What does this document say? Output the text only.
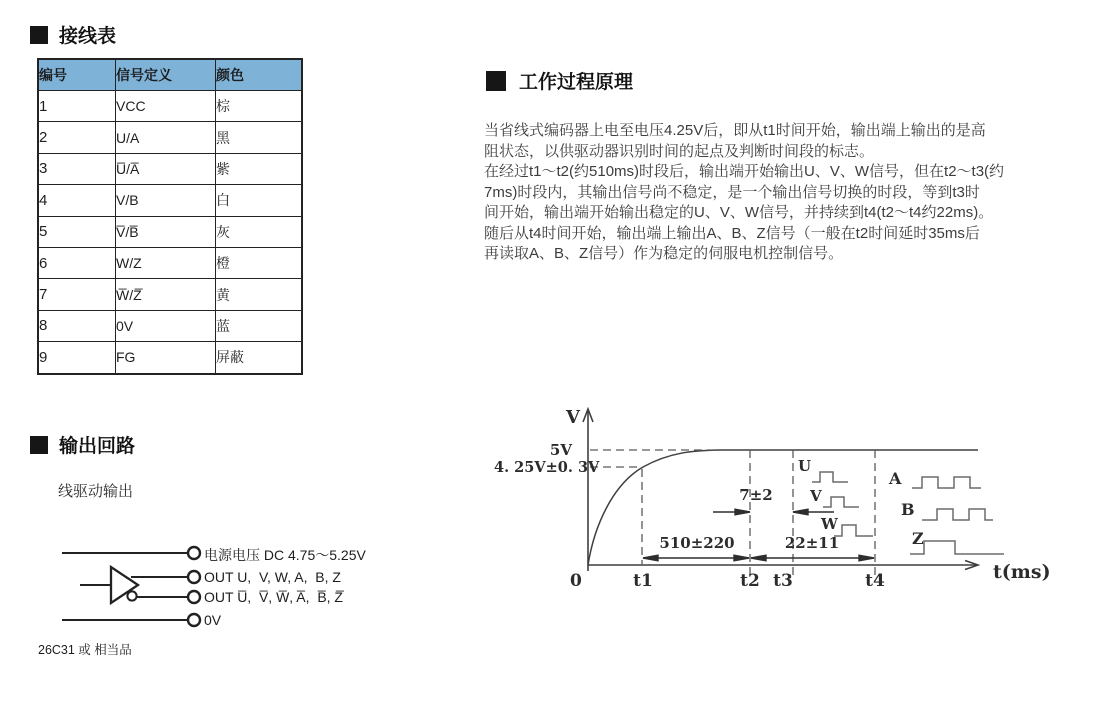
接线表
编号	信号定义	颜色
1	VCC	棕
2	U/A	黑
3	U̅/A̅	紫
4	V/B	白
5	V̅/B̅	灰
6	W/Z	橙
7	W̅/Z̅	黄
8	0V	蓝
9	FG	屏蔽
输出回路
线驱动输出
电源电压 DC 4.75～5.25V
OUT U,  V, W, A,  B, Z
OUT U̅,  V̅, W̅, A̅,  B̅, Z̅
0V
26C31 或 相当品
工作过程原理
当省线式编码器上电至电压4.25V后，即从t1时间开始，输出端上输出的是高
阻状态，以供驱动器识别时间的起点及判断时间段的标志。
在经过t1～t2(约510ms)时段后，输出端开始输出U、V、W信号，但在t2～t3(约
7ms)时段内，其输出信号尚不稳定，是一个输出信号切换的时段，等到t3时
间开始，输出端开始输出稳定的U、V、W信号，并持续到t4(t2～t4约22ms)。
随后从t4时间开始，输出端上输出A、B、Z信号（一般在t2时间延时35ms后
再读取A、B、Z信号）作为稳定的伺服电机控制信号。
V
5V
4. 25V±0. 3V
0	t1	t2 t3	t4	t(ms)
510±220	22±11
7±2
U
V
W
A
B
Z
